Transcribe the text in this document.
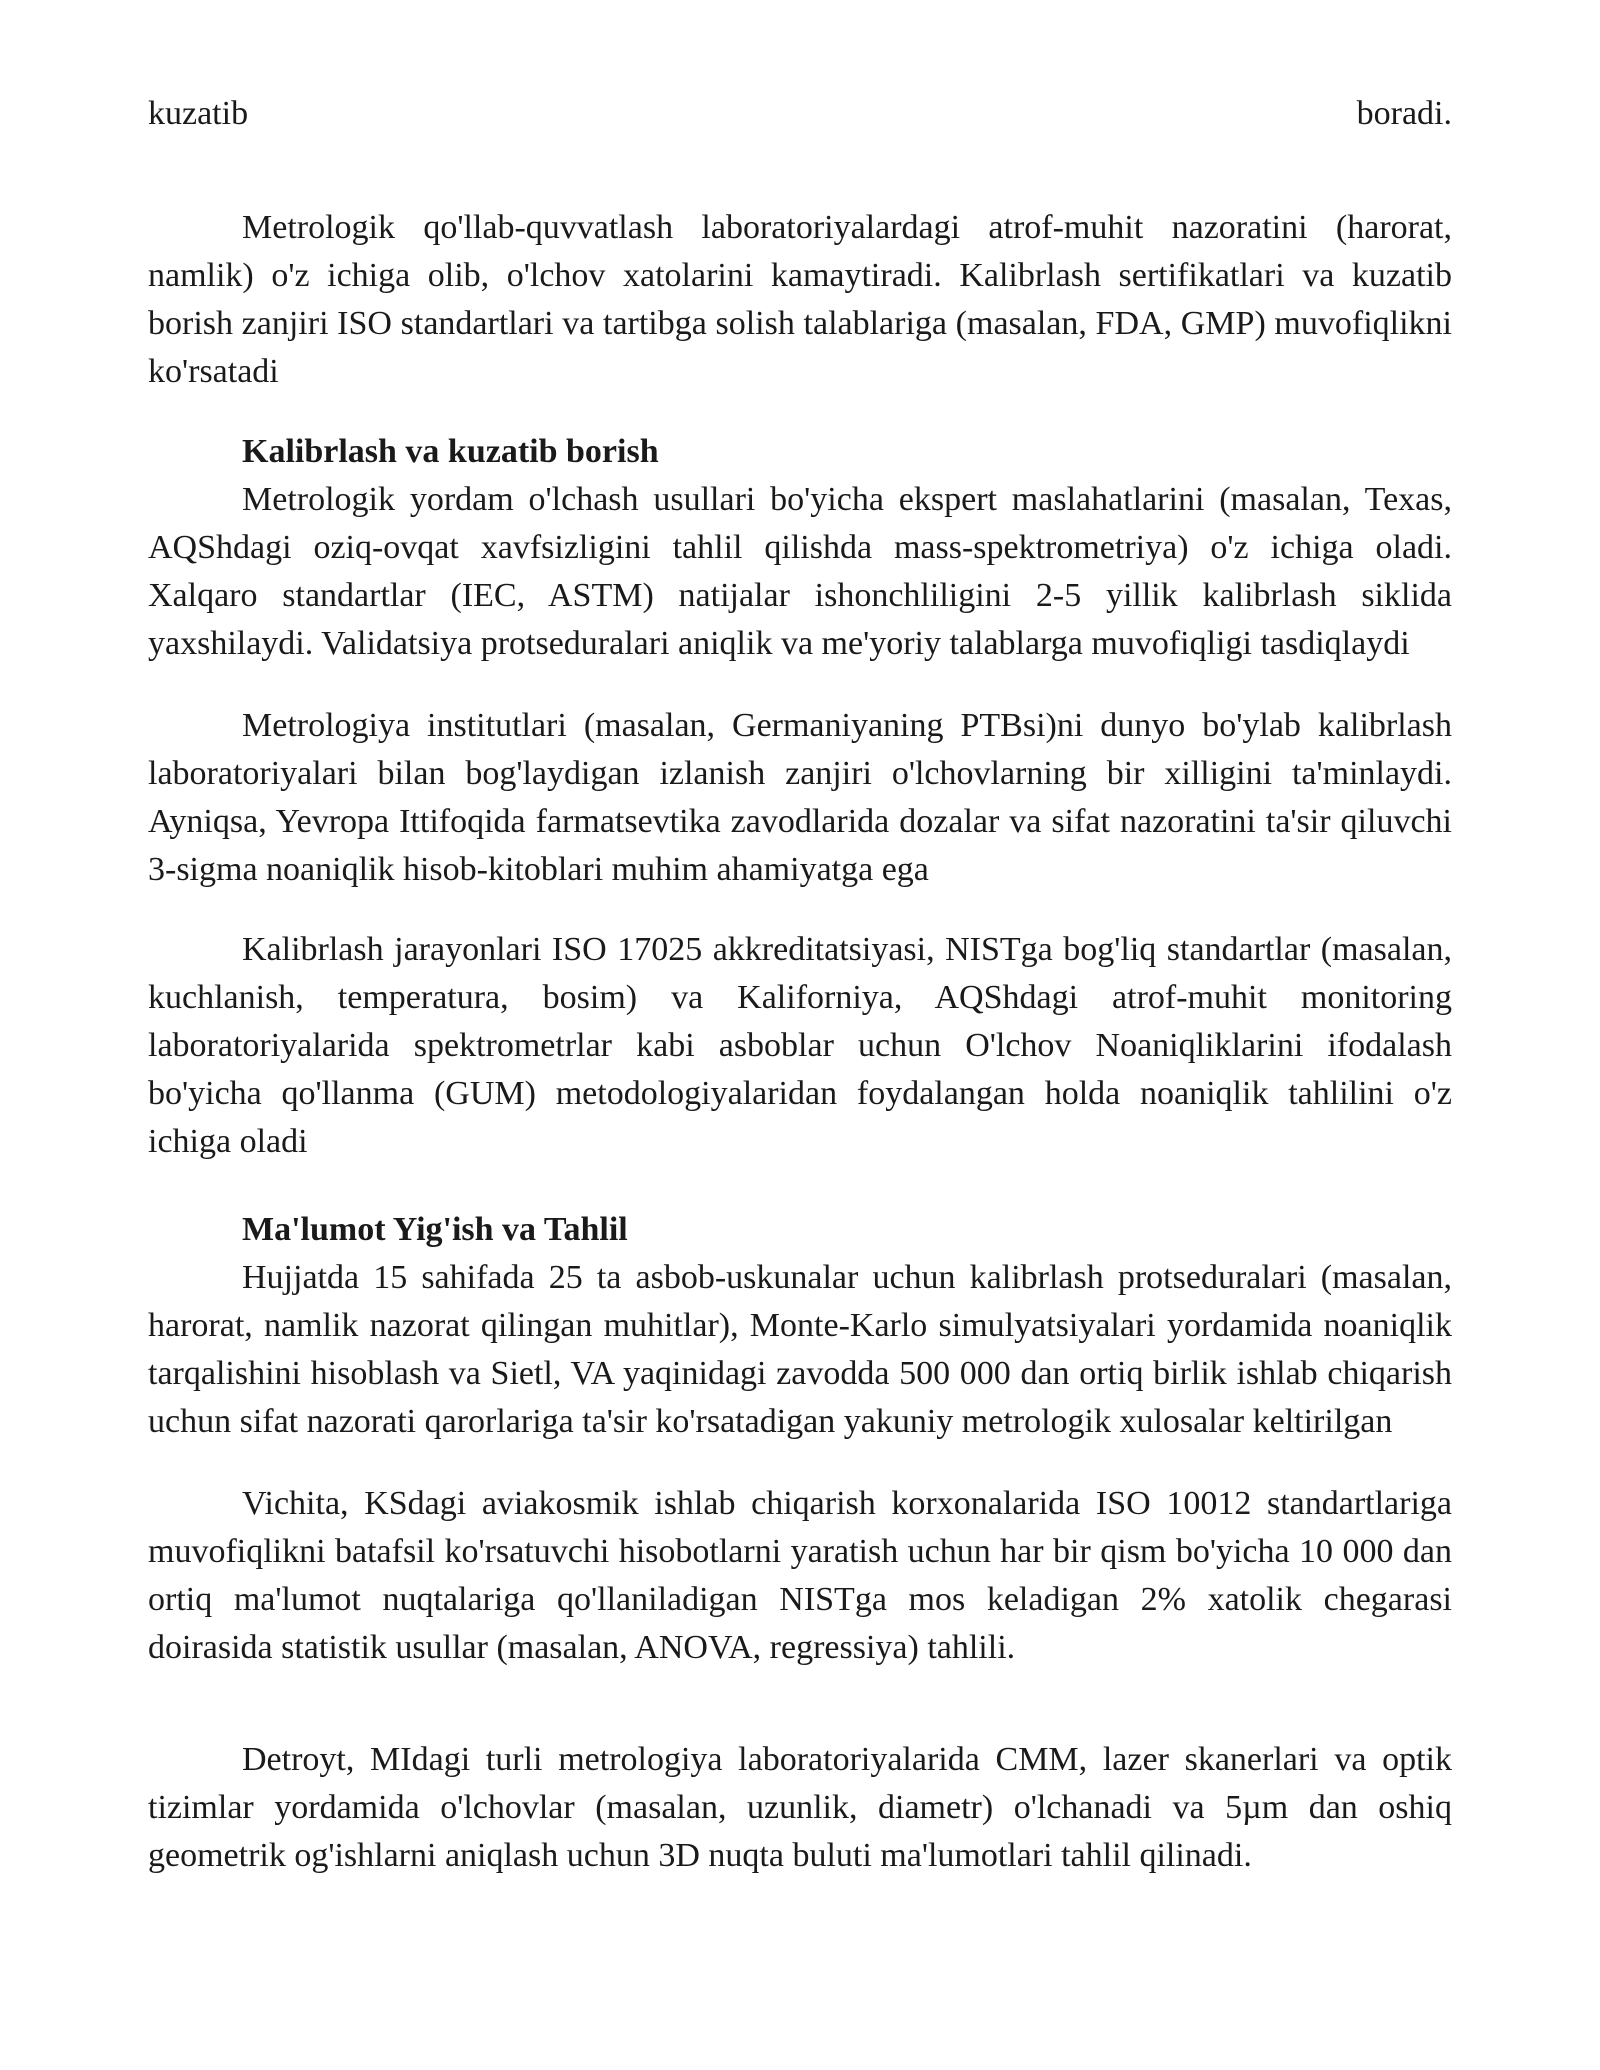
kuzatib	boradi.

Metrologik qo'llab-quvvatlash laboratoriyalardagi atrof-muhit nazoratini (harorat, namlik) o'z ichiga olib, o'lchov xatolarini kamaytiradi. Kalibrlash sertifikatlari va kuzatib borish zanjiri ISO standartlari va tartibga solish talablariga (masalan, FDA, GMP) muvofiqlikni ko'rsatadi

Kalibrlash va kuzatib borish

Metrologik yordam o'lchash usullari bo'yicha ekspert maslahatlarini (masalan, Texas, AQShdagi oziq-ovqat xavfsizligini tahlil qilishda mass-spektrometriya) o'z ichiga oladi. Xalqaro standartlar (IEC, ASTM) natijalar ishonchliligini 2-5 yillik kalibrlash siklida yaxshilaydi. Validatsiya protseduralari aniqlik va me'yoriy talablarga muvofiqligi tasdiqlaydi

Metrologiya institutlari (masalan, Germaniyaning PTBsi)ni dunyo bo'ylab kalibrlash laboratoriyalari bilan bog'laydigan izlanish zanjiri o'lchovlarning bir xilligini ta'minlaydi. Ayniqsa, Yevropa Ittifoqida farmatsevtika zavodlarida dozalar va sifat nazoratini ta'sir qiluvchi 3-sigma noaniqlik hisob-kitoblari muhim ahamiyatga ega

Kalibrlash jarayonlari ISO 17025 akkreditatsiyasi, NISTga bog'liq standartlar (masalan, kuchlanish, temperatura, bosim) va Kaliforniya, AQShdagi atrof-muhit monitoring laboratoriyalarida spektrometrlar kabi asboblar uchun O'lchov Noaniqliklarini ifodalash bo'yicha qo'llanma (GUM) metodologiyalaridan foydalangan holda noaniqlik tahlilini o'z ichiga oladi

Ma'lumot Yig'ish va Tahlil

Hujjatda 15 sahifada 25 ta asbob-uskunalar uchun kalibrlash protseduralari (masalan, harorat, namlik nazorat qilingan muhitlar), Monte-Karlo simulyatsiyalari yordamida noaniqlik tarqalishini hisoblash va Sietl, VA yaqinidagi zavodda 500 000 dan ortiq birlik ishlab chiqarish uchun sifat nazorati qarorlariga ta'sir ko'rsatadigan yakuniy metrologik xulosalar keltirilgan

Vichita, KSdagi aviakosmik ishlab chiqarish korxonalarida ISO 10012 standartlariga muvofiqlikni batafsil ko'rsatuvchi hisobotlarni yaratish uchun har bir qism bo'yicha 10 000 dan ortiq ma'lumot nuqtalariga qo'llaniladigan NISTga mos keladigan 2% xatolik chegarasi doirasida statistik usullar (masalan, ANOVA, regressiya) tahlili.

Detroyt, MIdagi turli metrologiya laboratoriyalarida CMM, lazer skanerlari va optik tizimlar yordamida o'lchovlar (masalan, uzunlik, diametr) o'lchanadi va 5µm dan oshiq geometrik og'ishlarni aniqlash uchun 3D nuqta buluti ma'lumotlari tahlil qilinadi.
